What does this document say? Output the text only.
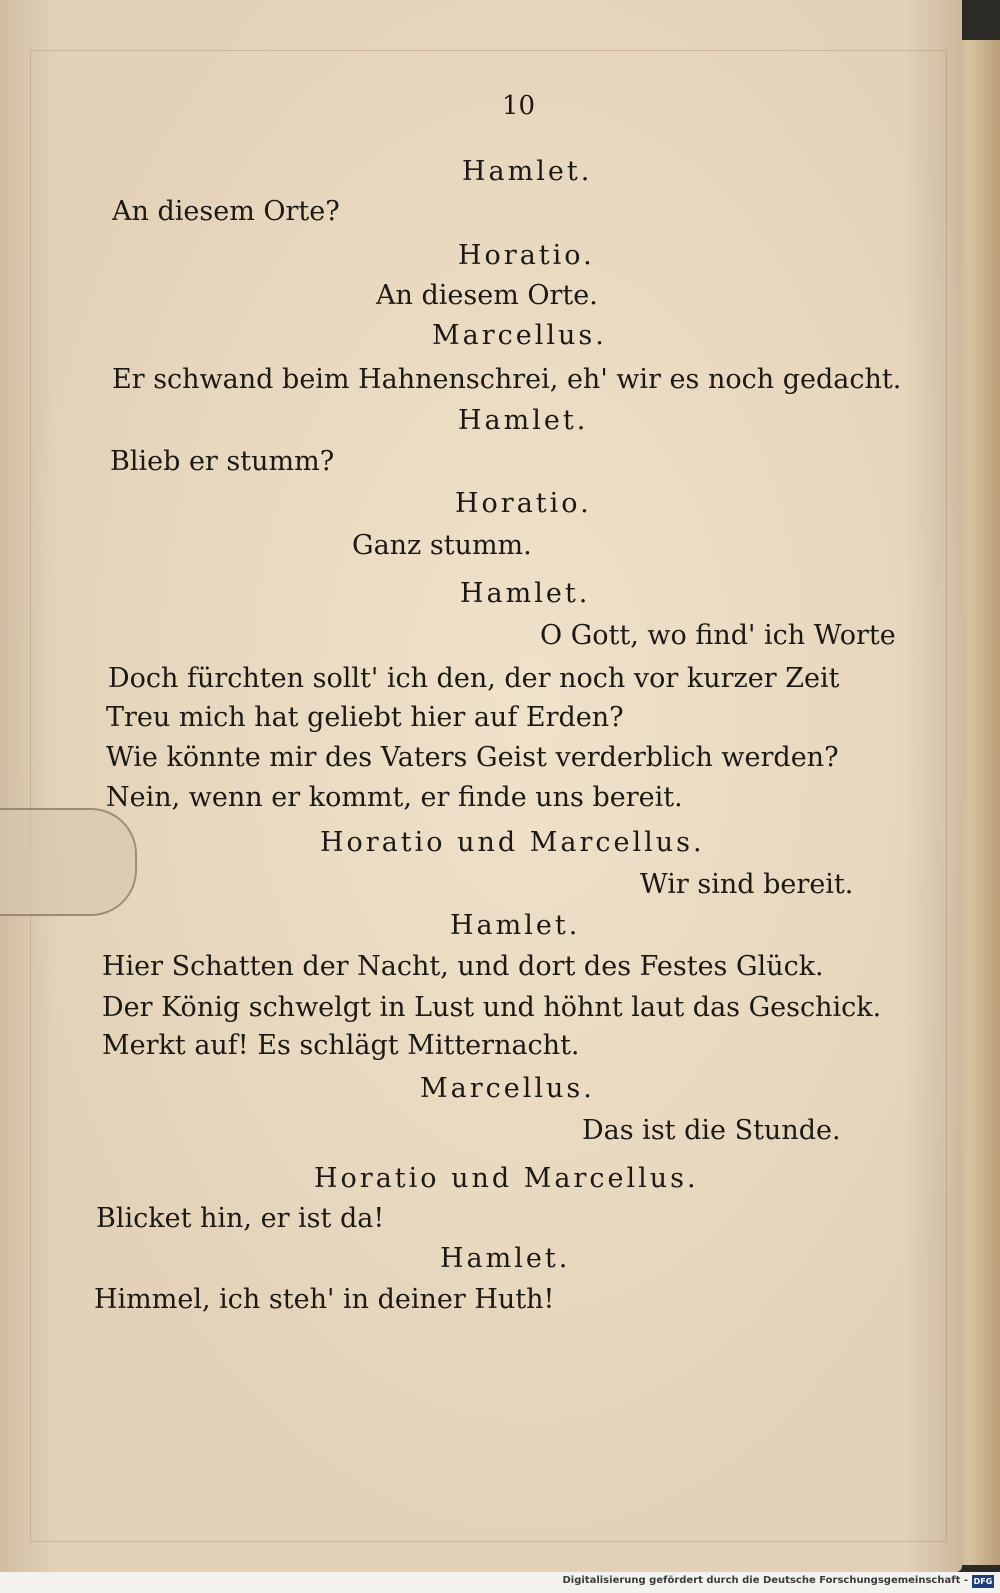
10
Hamlet.
An diesem Orte?
Horatio.
An diesem Orte.
Marcellus.
Er schwand beim Hahnenschrei, eh' wir es noch gedacht.
Hamlet.
Blieb er stumm?
Horatio.
Ganz stumm.
Hamlet.
O Gott, wo find' ich Worte
Doch fürchten sollt' ich den, der noch vor kurzer Zeit
Treu mich hat geliebt hier auf Erden?
Wie könnte mir des Vaters Geist verderblich werden?
Nein, wenn er kommt, er finde uns bereit.
Horatio und Marcellus.
Wir sind bereit.
Hamlet.
Hier Schatten der Nacht, und dort des Festes Glück.
Der König schwelgt in Lust und höhnt laut das Geschick.
Merkt auf! Es schlägt Mitternacht.
Marcellus.
Das ist die Stunde.
Horatio und Marcellus.
Blicket hin, er ist da!
Hamlet.
Himmel, ich steh' in deiner Huth!
Digitalisierung gefördert durch die Deutsche Forschungsgemeinschaft - DFG
